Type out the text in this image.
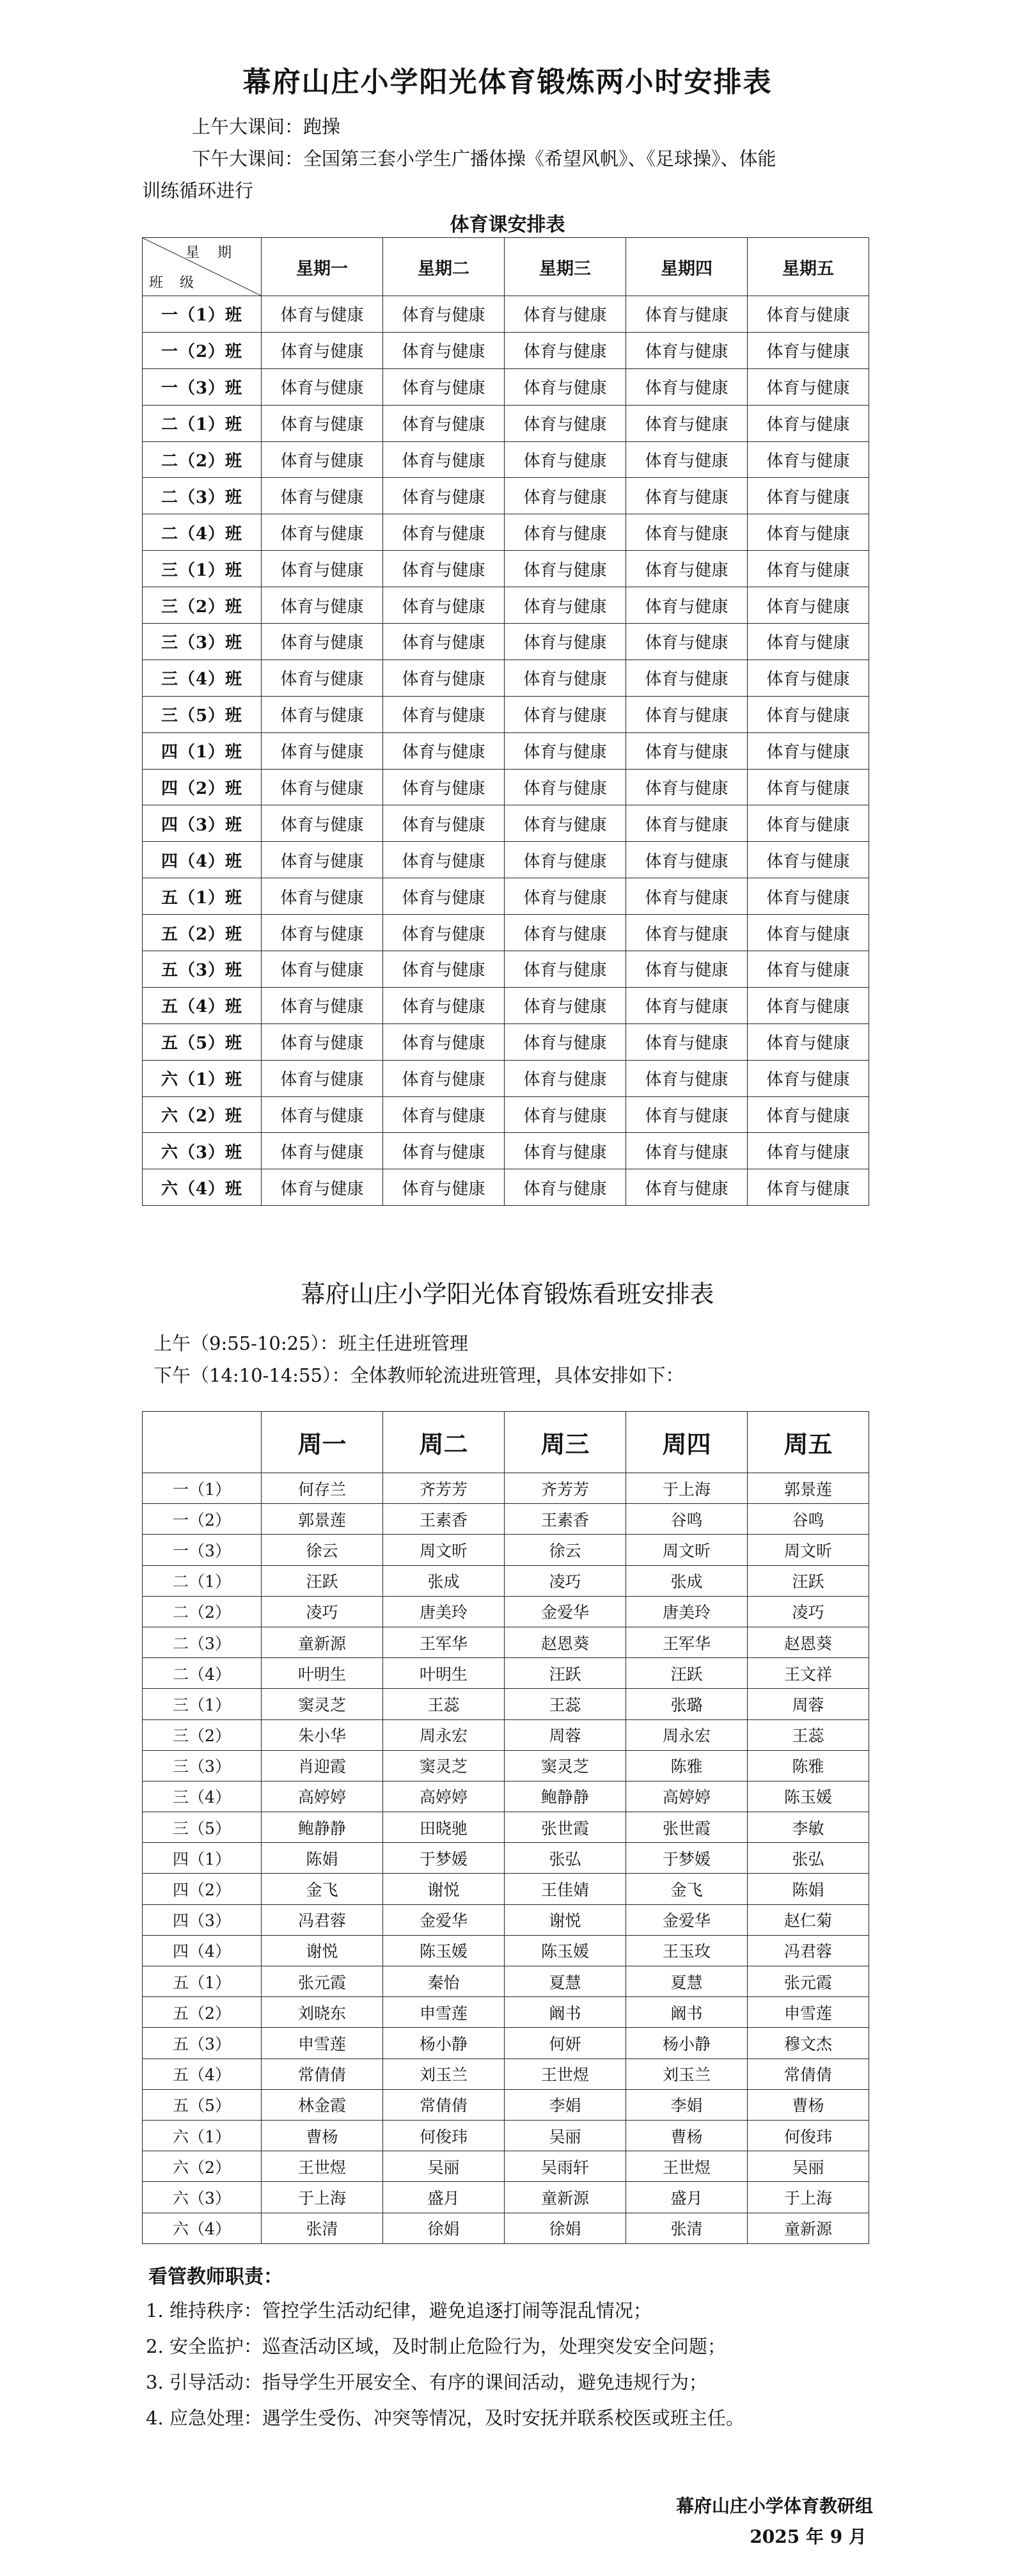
幕府山庄小学阳光体育锻炼两小时安排表
上午大课间：跑操
下午大课间：全国第三套小学生广播体操《希望风帆》、《足球操》、体能
训练循环进行
体育课安排表
星期
班级	星期一	星期二	星期三	星期四	星期五
一（1）班	体育与健康	体育与健康	体育与健康	体育与健康	体育与健康
一（2）班	体育与健康	体育与健康	体育与健康	体育与健康	体育与健康
一（3）班	体育与健康	体育与健康	体育与健康	体育与健康	体育与健康
二（1）班	体育与健康	体育与健康	体育与健康	体育与健康	体育与健康
二（2）班	体育与健康	体育与健康	体育与健康	体育与健康	体育与健康
二（3）班	体育与健康	体育与健康	体育与健康	体育与健康	体育与健康
二（4）班	体育与健康	体育与健康	体育与健康	体育与健康	体育与健康
三（1）班	体育与健康	体育与健康	体育与健康	体育与健康	体育与健康
三（2）班	体育与健康	体育与健康	体育与健康	体育与健康	体育与健康
三（3）班	体育与健康	体育与健康	体育与健康	体育与健康	体育与健康
三（4）班	体育与健康	体育与健康	体育与健康	体育与健康	体育与健康
三（5）班	体育与健康	体育与健康	体育与健康	体育与健康	体育与健康
四（1）班	体育与健康	体育与健康	体育与健康	体育与健康	体育与健康
四（2）班	体育与健康	体育与健康	体育与健康	体育与健康	体育与健康
四（3）班	体育与健康	体育与健康	体育与健康	体育与健康	体育与健康
四（4）班	体育与健康	体育与健康	体育与健康	体育与健康	体育与健康
五（1）班	体育与健康	体育与健康	体育与健康	体育与健康	体育与健康
五（2）班	体育与健康	体育与健康	体育与健康	体育与健康	体育与健康
五（3）班	体育与健康	体育与健康	体育与健康	体育与健康	体育与健康
五（4）班	体育与健康	体育与健康	体育与健康	体育与健康	体育与健康
五（5）班	体育与健康	体育与健康	体育与健康	体育与健康	体育与健康
六（1）班	体育与健康	体育与健康	体育与健康	体育与健康	体育与健康
六（2）班	体育与健康	体育与健康	体育与健康	体育与健康	体育与健康
六（3）班	体育与健康	体育与健康	体育与健康	体育与健康	体育与健康
六（4）班	体育与健康	体育与健康	体育与健康	体育与健康	体育与健康
幕府山庄小学阳光体育锻炼看班安排表
上午（9:55-10:25）：班主任进班管理
下午（14:10-14:55）：全体教师轮流进班管理，具体安排如下：
	周一	周二	周三	周四	周五
一（1）	何存兰	齐芳芳	齐芳芳	于上海	郭景莲
一（2）	郭景莲	王素香	王素香	谷鸣	谷鸣
一（3）	徐云	周文昕	徐云	周文昕	周文昕
二（1）	汪跃	张成	凌巧	张成	汪跃
二（2）	凌巧	唐美玲	金爱华	唐美玲	凌巧
二（3）	童新源	王军华	赵恩葵	王军华	赵恩葵
二（4）	叶明生	叶明生	汪跃	汪跃	王文祥
三（1）	窦灵芝	王蕊	王蕊	张璐	周蓉
三（2）	朱小华	周永宏	周蓉	周永宏	王蕊
三（3）	肖迎霞	窦灵芝	窦灵芝	陈雅	陈雅
三（4）	高婷婷	高婷婷	鲍静静	高婷婷	陈玉媛
三（5）	鲍静静	田晓驰	张世霞	张世霞	李敏
四（1）	陈娟	于梦媛	张弘	于梦媛	张弘
四（2）	金飞	谢悦	王佳婧	金飞	陈娟
四（3）	冯君蓉	金爱华	谢悦	金爱华	赵仁菊
四（4）	谢悦	陈玉媛	陈玉媛	王玉玫	冯君蓉
五（1）	张元霞	秦怡	夏慧	夏慧	张元霞
五（2）	刘晓东	申雪莲	阚书	阚书	申雪莲
五（3）	申雪莲	杨小静	何妍	杨小静	穆文杰
五（4）	常倩倩	刘玉兰	王世煜	刘玉兰	常倩倩
五（5）	林金霞	常倩倩	李娟	李娟	曹杨
六（1）	曹杨	何俊玮	吴丽	曹杨	何俊玮
六（2）	王世煜	吴丽	吴雨轩	王世煜	吴丽
六（3）	于上海	盛月	童新源	盛月	于上海
六（4）	张清	徐娟	徐娟	张清	童新源
看管教师职责：
1. 维持秩序：管控学生活动纪律，避免追逐打闹等混乱情况；
2. 安全监护：巡查活动区域，及时制止危险行为，处理突发安全问题；
3. 引导活动：指导学生开展安全、有序的课间活动，避免违规行为；
4. 应急处理：遇学生受伤、冲突等情况，及时安抚并联系校医或班主任。
幕府山庄小学体育教研组
2025 年 9 月
